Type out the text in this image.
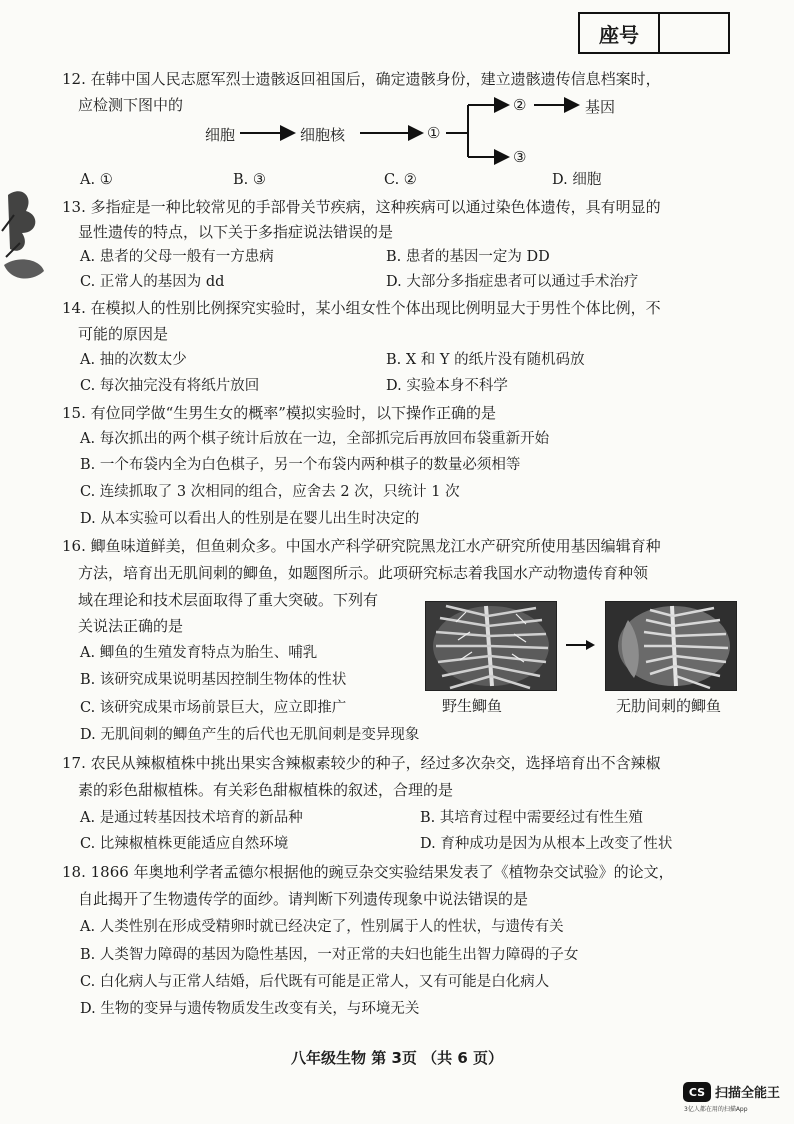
座号
12. 在韩中国人民志愿军烈士遗骸返回祖国后，确定遗骸身份，建立遗骸遗传信息档案时，
应检测下图中的
细胞	细胞核	①
②	基因
③
A. ①	B. ③	C. ②	D. 细胞
13. 多指症是一种比较常见的手部骨关节疾病，这种疾病可以通过染色体遗传，具有明显的
显性遗传的特点，以下关于多指症说法错误的是
A. 患者的父母一般有一方患病	B. 患者的基因一定为 DD
C. 正常人的基因为 dd	D. 大部分多指症患者可以通过手术治疗
14. 在模拟人的性别比例探究实验时，某小组女性个体出现比例明显大于男性个体比例，不
可能的原因是
A. 抽的次数太少	B. X 和 Y 的纸片没有随机码放
C. 每次抽完没有将纸片放回	D. 实验本身不科学
15. 有位同学做“生男生女的概率”模拟实验时，以下操作正确的是
A. 每次抓出的两个棋子统计后放在一边，全部抓完后再放回布袋重新开始
B. 一个布袋内全为白色棋子，另一个布袋内两种棋子的数量必须相等
C. 连续抓取了 3 次相同的组合，应舍去 2 次，只统计 1 次
D. 从本实验可以看出人的性别是在婴儿出生时决定的
16. 鲫鱼味道鲜美，但鱼刺众多。中国水产科学研究院黑龙江水产研究所使用基因编辑育种
方法，培育出无肌间刺的鲫鱼，如题图所示。此项研究标志着我国水产动物遗传育种领
域在理论和技术层面取得了重大突破。下列有
关说法正确的是
A. 鲫鱼的生殖发育特点为胎生、哺乳
B. 该研究成果说明基因控制生物体的性状
C. 该研究成果市场前景巨大，应立即推广
D. 无肌间刺的鲫鱼产生的后代也无肌间刺是变异现象
野生鲫鱼	无肋间刺的鲫鱼
17. 农民从辣椒植株中挑出果实含辣椒素较少的种子，经过多次杂交，选择培育出不含辣椒
素的彩色甜椒植株。有关彩色甜椒植株的叙述，合理的是
A. 是通过转基因技术培育的新品种	B. 其培育过程中需要经过有性生殖
C. 比辣椒植株更能适应自然环境	D. 育种成功是因为从根本上改变了性状
18. 1866 年奥地利学者孟德尔根据他的豌豆杂交实验结果发表了《植物杂交试验》的论文，
自此揭开了生物遗传学的面纱。请判断下列遗传现象中说法错误的是
A. 人类性别在形成受精卵时就已经决定了，性别属于人的性状，与遗传有关
B. 人类智力障碍的基因为隐性基因，一对正常的夫妇也能生出智力障碍的子女
C. 白化病人与正常人结婚，后代既有可能是正常人，又有可能是白化病人
D. 生物的变异与遗传物质发生改变有关，与环境无关
八年级生物 第 3页 （共 6 页）
CS 扫描全能王
3亿人都在用的扫描App
